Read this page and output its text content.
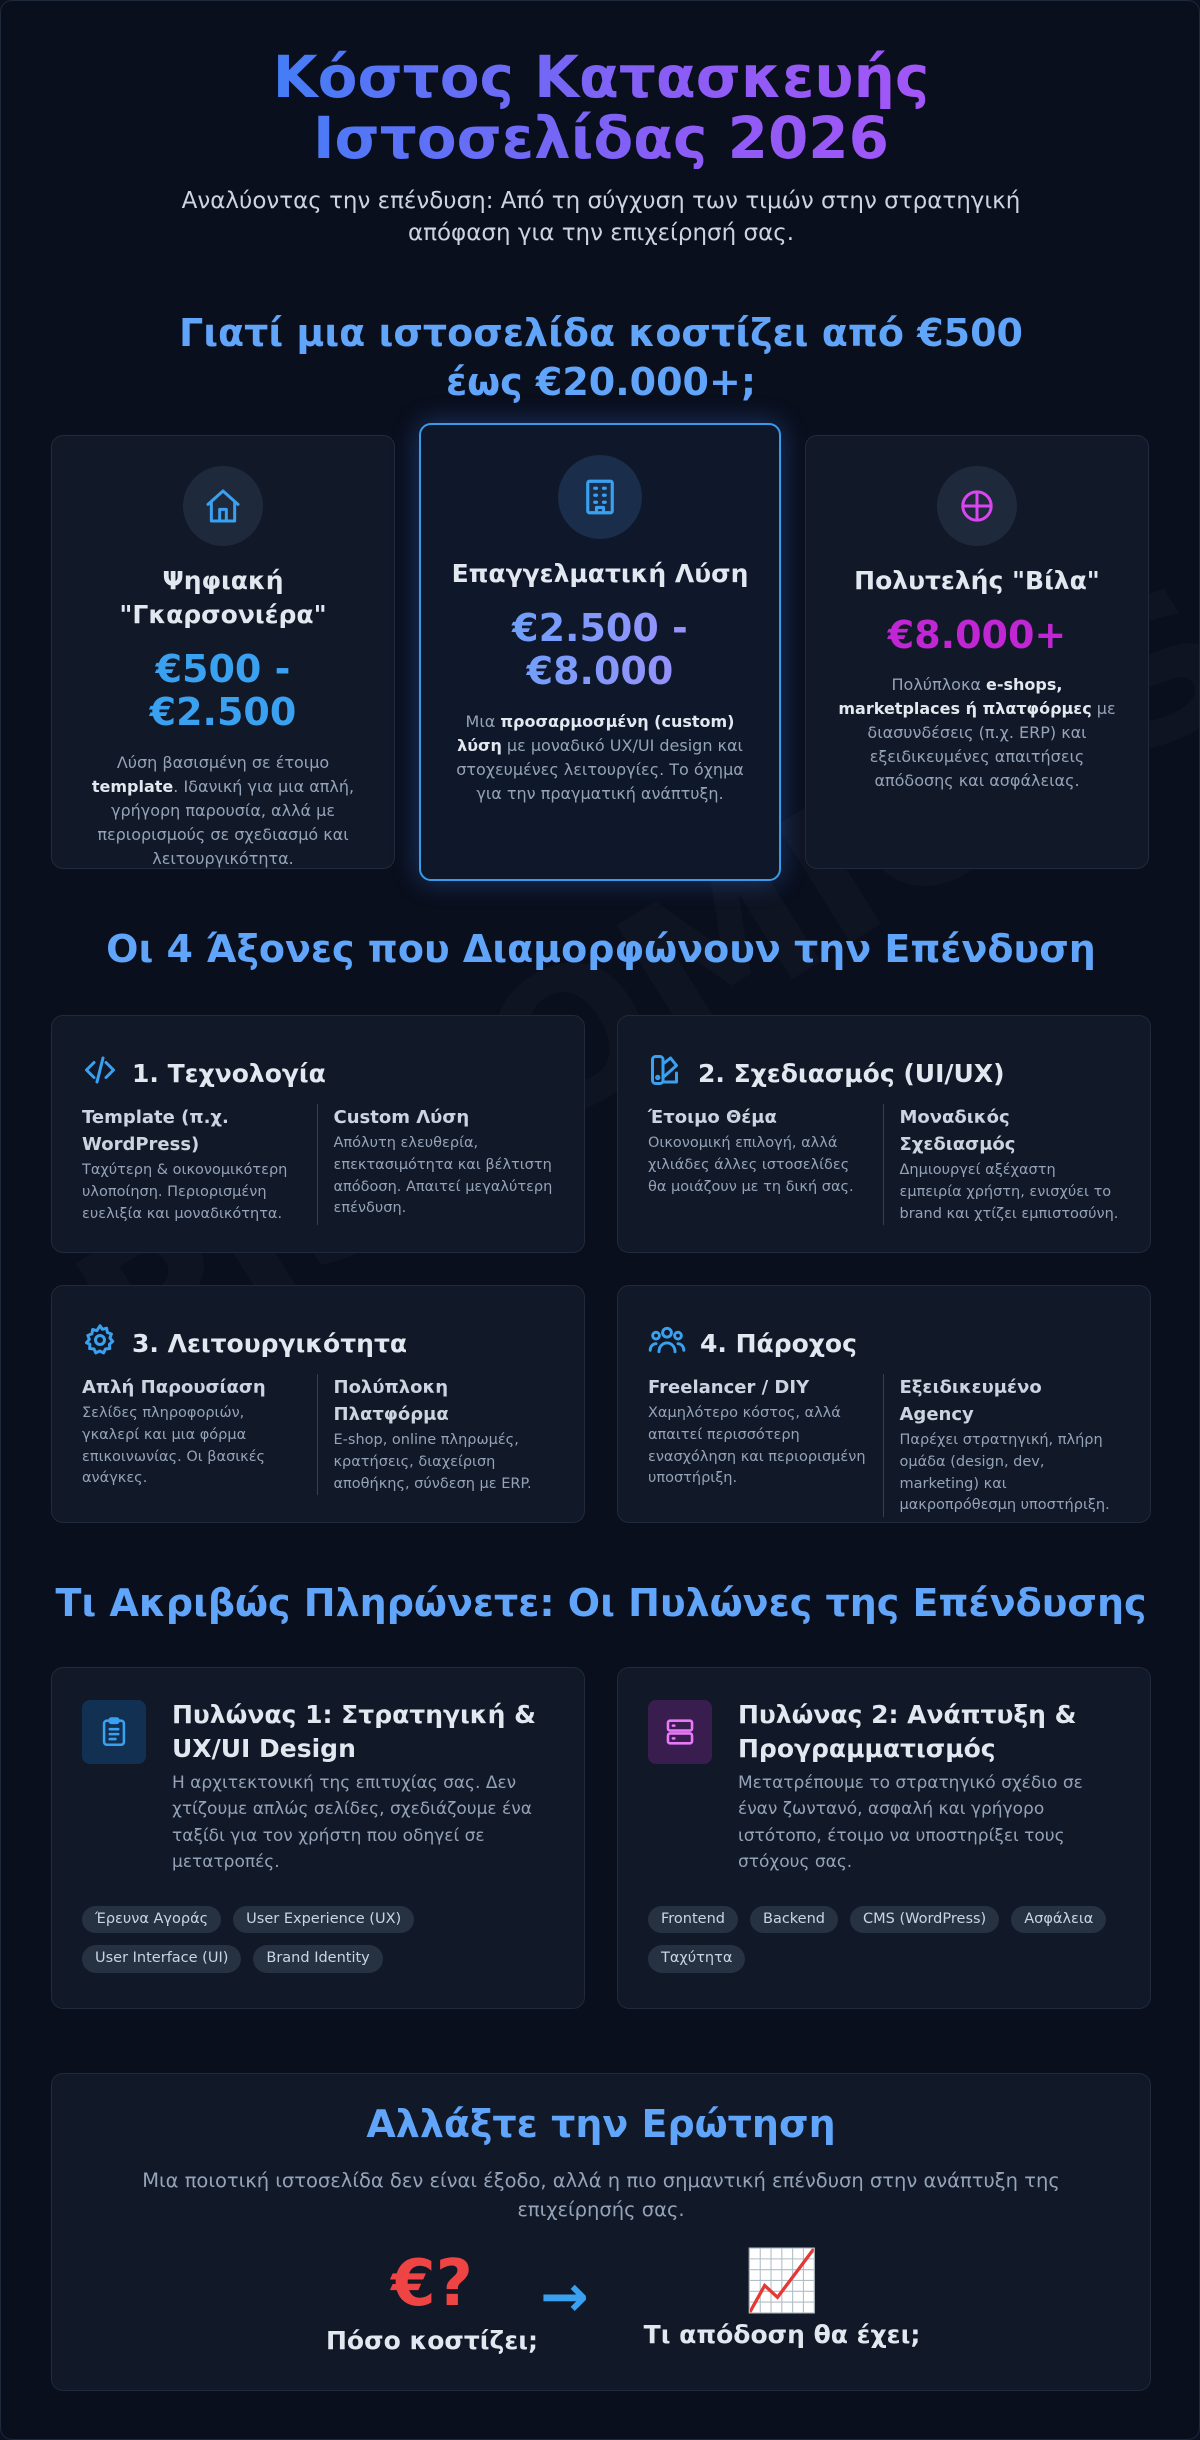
Κόστος Κατασκευής Ιστοσελίδας 2026

Αναλύοντας την επένδυση: Από τη σύγχυση των τιμών στην στρατηγική απόφαση για την επιχείρησή σας.

Γιατί μια ιστοσελίδα κοστίζει από €500 έως €20.000+;
Ψηφιακή "Γκαρσονιέρα"
€500 - €2.500
Λύση βασισμένη σε έτοιμο template. Ιδανική για μια απλή, γρήγορη παρουσία, αλλά με περιορισμούς σε σχεδιασμό και λειτουργικότητα.
Επαγγελματική Λύση
€2.500 - €8.000
Μια προσαρμοσμένη (custom) λύση με μοναδικό UX/UI design και στοχευμένες λειτουργίες. Το όχημα για την πραγματική ανάπτυξη.
Πολυτελής "Βίλα"
€8.000+
Πολύπλοκα e-shops, marketplaces ή πλατφόρμες με διασυνδέσεις (π.χ. ERP) και εξειδικευμένες απαιτήσεις απόδοσης και ασφάλειας.
Οι 4 Άξονες που Διαμορφώνουν την Επένδυση
1. Τεχνολογία
Template (π.χ. WordPress)
Ταχύτερη & οικονομικότερη υλοποίηση. Περιορισμένη ευελιξία και μοναδικότητα.
Custom Λύση
Απόλυτη ελευθερία, επεκτασιμότητα και βέλτιστη απόδοση. Απαιτεί μεγαλύτερη επένδυση.
2. Σχεδιασμός (UI/UX)
Έτοιμο Θέμα
Οικονομική επιλογή, αλλά χιλιάδες άλλες ιστοσελίδες θα μοιάζουν με τη δική σας.
Μοναδικός Σχεδιασμός
Δημιουργεί αξέχαστη εμπειρία χρήστη, ενισχύει το brand και χτίζει εμπιστοσύνη.
3. Λειτουργικότητα
Απλή Παρουσίαση
Σελίδες πληροφοριών, γκαλερί και μια φόρμα επικοινωνίας. Οι βασικές ανάγκες.
Πολύπλοκη Πλατφόρμα
E-shop, online πληρωμές, κρατήσεις, διαχείριση αποθήκης, σύνδεση με ERP.
4. Πάροχος
Freelancer / DIY
Χαμηλότερο κόστος, αλλά απαιτεί περισσότερη ενασχόληση και περιορισμένη υποστήριξη.
Εξειδικευμένο Agency
Παρέχει στρατηγική, πλήρη ομάδα (design, dev, marketing) και μακροπρόθεσμη υποστήριξη.
Τι Ακριβώς Πληρώνετε: Οι Πυλώνες της Επένδυσης
Πυλώνας 1: Στρατηγική & UX/UI Design
Η αρχιτεκτονική της επιτυχίας σας. Δεν χτίζουμε απλώς σελίδες, σχεδιάζουμε ένα ταξίδι για τον χρήστη που οδηγεί σε μετατροπές.
Έρευνα Αγοράς	User Experience (UX)
User Interface (UI)	Brand Identity
Πυλώνας 2: Ανάπτυξη & Προγραμματισμός
Μετατρέπουμε το στρατηγικό σχέδιο σε έναν ζωντανό, ασφαλή και γρήγορο ιστότοπο, έτοιμο να υποστηρίξει τους στόχους σας.
Frontend	Backend	CMS (WordPress)	Ασφάλεια
Ταχύτητα
Αλλάξτε την Ερώτηση
Μια ποιοτική ιστοσελίδα δεν είναι έξοδο, αλλά η πιο σημαντική επένδυση στην ανάπτυξη της επιχείρησής σας.
€?
Πόσο κοστίζει;
→	📈
Τι απόδοση θα έχει;
